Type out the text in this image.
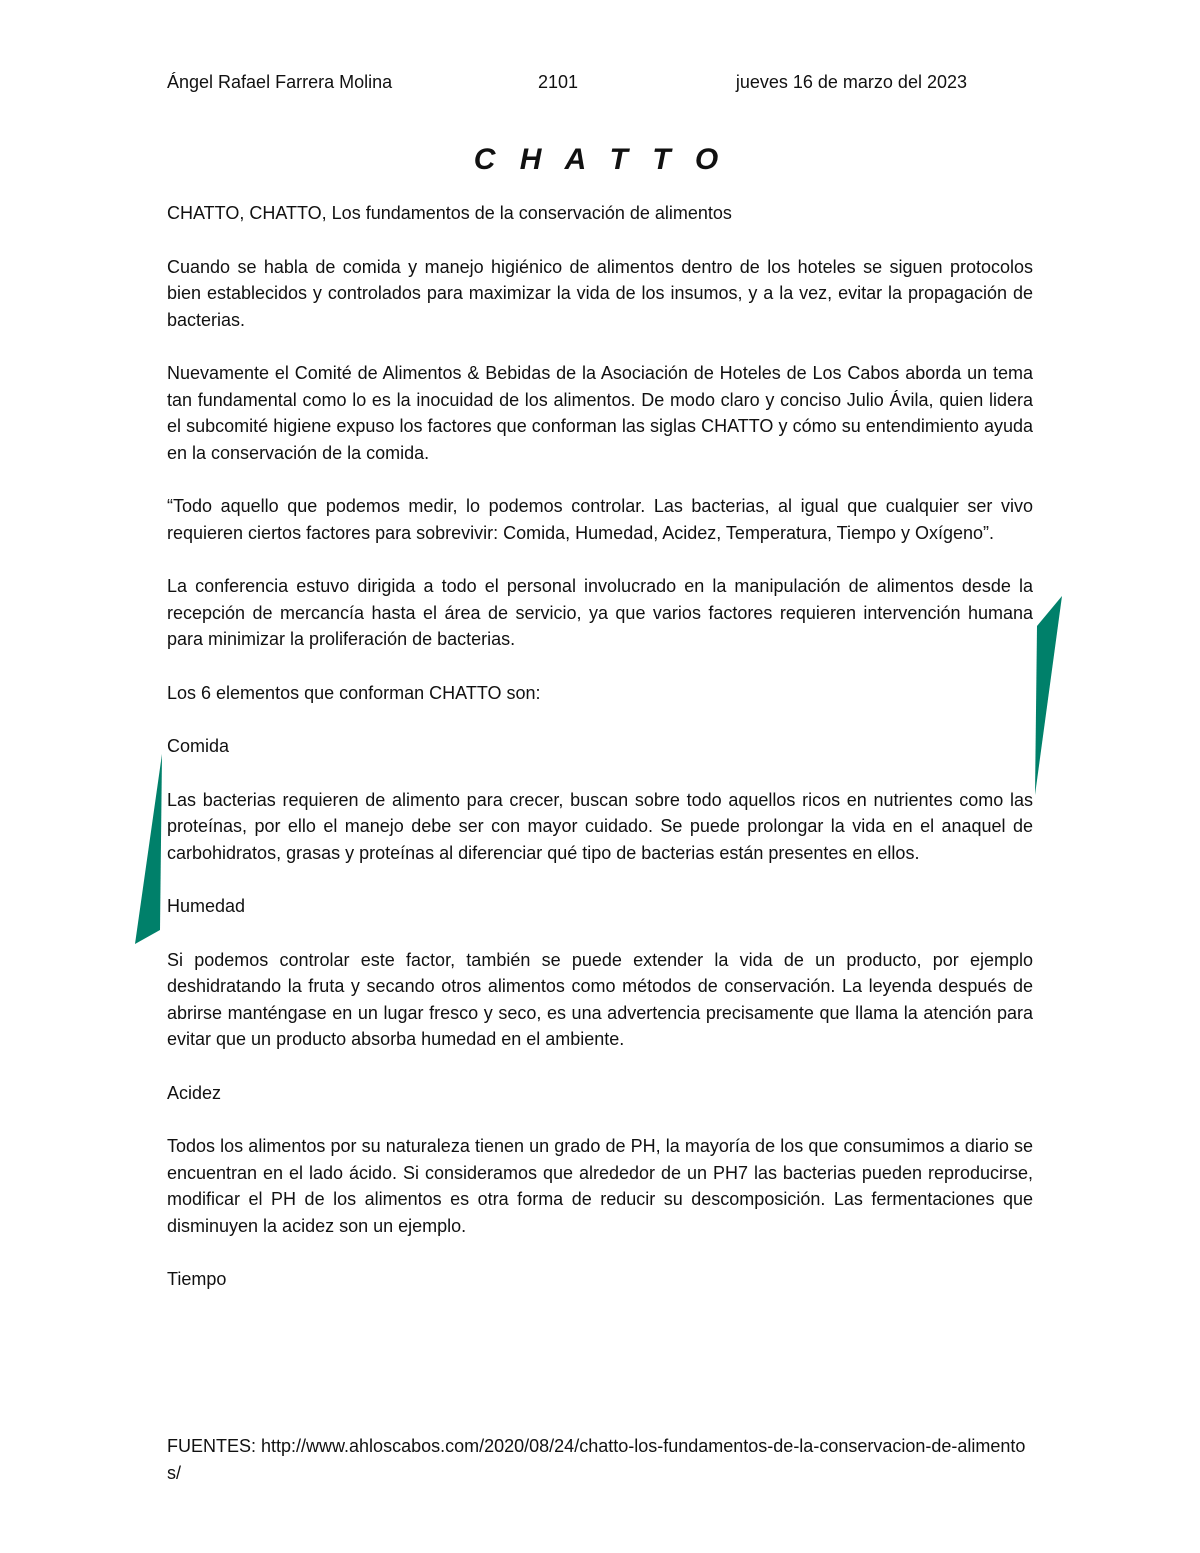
Ángel Rafael Farrera Molina	2101	jueves 16 de marzo del 2023
C H A T T O

CHATTO, CHATTO, Los fundamentos de la conservación de alimentos

Cuando se habla de comida y manejo higiénico de alimentos dentro de los hoteles se siguen protocolos bien establecidos y controlados para maximizar la vida de los insumos, y a la vez, evitar la propagación de bacterias.

Nuevamente el Comité de Alimentos & Bebidas de la Asociación de Hoteles de Los Cabos aborda un tema tan fundamental como lo es la inocuidad de los alimentos. De modo claro y conciso Julio Ávila, quien lidera el subcomité higiene expuso los factores que conforman las siglas CHATTO y cómo su entendimiento ayuda en la conservación de la comida.

“Todo aquello que podemos medir, lo podemos controlar. Las bacterias, al igual que cualquier ser vivo requieren ciertos factores para sobrevivir: Comida, Humedad, Acidez, Temperatura, Tiempo y Oxígeno”.

La conferencia estuvo dirigida a todo el personal involucrado en la manipulación de alimentos desde la recepción de mercancía hasta el área de servicio, ya que varios factores requieren intervención humana para minimizar la proliferación de bacterias.

Los 6 elementos que conforman CHATTO son:

Comida

Las bacterias requieren de alimento para crecer, buscan sobre todo aquellos ricos en nutrientes como las proteínas, por ello el manejo debe ser con mayor cuidado. Se puede prolongar la vida en el anaquel de carbohidratos, grasas y proteínas al diferenciar qué tipo de bacterias están presentes en ellos.

Humedad

Si podemos controlar este factor, también se puede extender la vida de un producto, por ejemplo deshidratando la fruta y secando otros alimentos como métodos de conservación. La leyenda después de abrirse manténgase en un lugar fresco y seco, es una advertencia precisamente que llama la atención para evitar que un producto absorba humedad en el ambiente.

Acidez

Todos los alimentos por su naturaleza tienen un grado de PH, la mayoría de los que consumimos a diario se encuentran en el lado ácido. Si consideramos que alrededor de un PH7 las bacterias pueden reproducirse, modificar el PH de los alimentos es otra forma de reducir su descomposición. Las fermentaciones que disminuyen la acidez son un ejemplo.

Tiempo

FUENTES: http://www.ahloscabos.com/2020/08/24/chatto-los-fundamentos-de-la-conservacion-de-alimentos/
